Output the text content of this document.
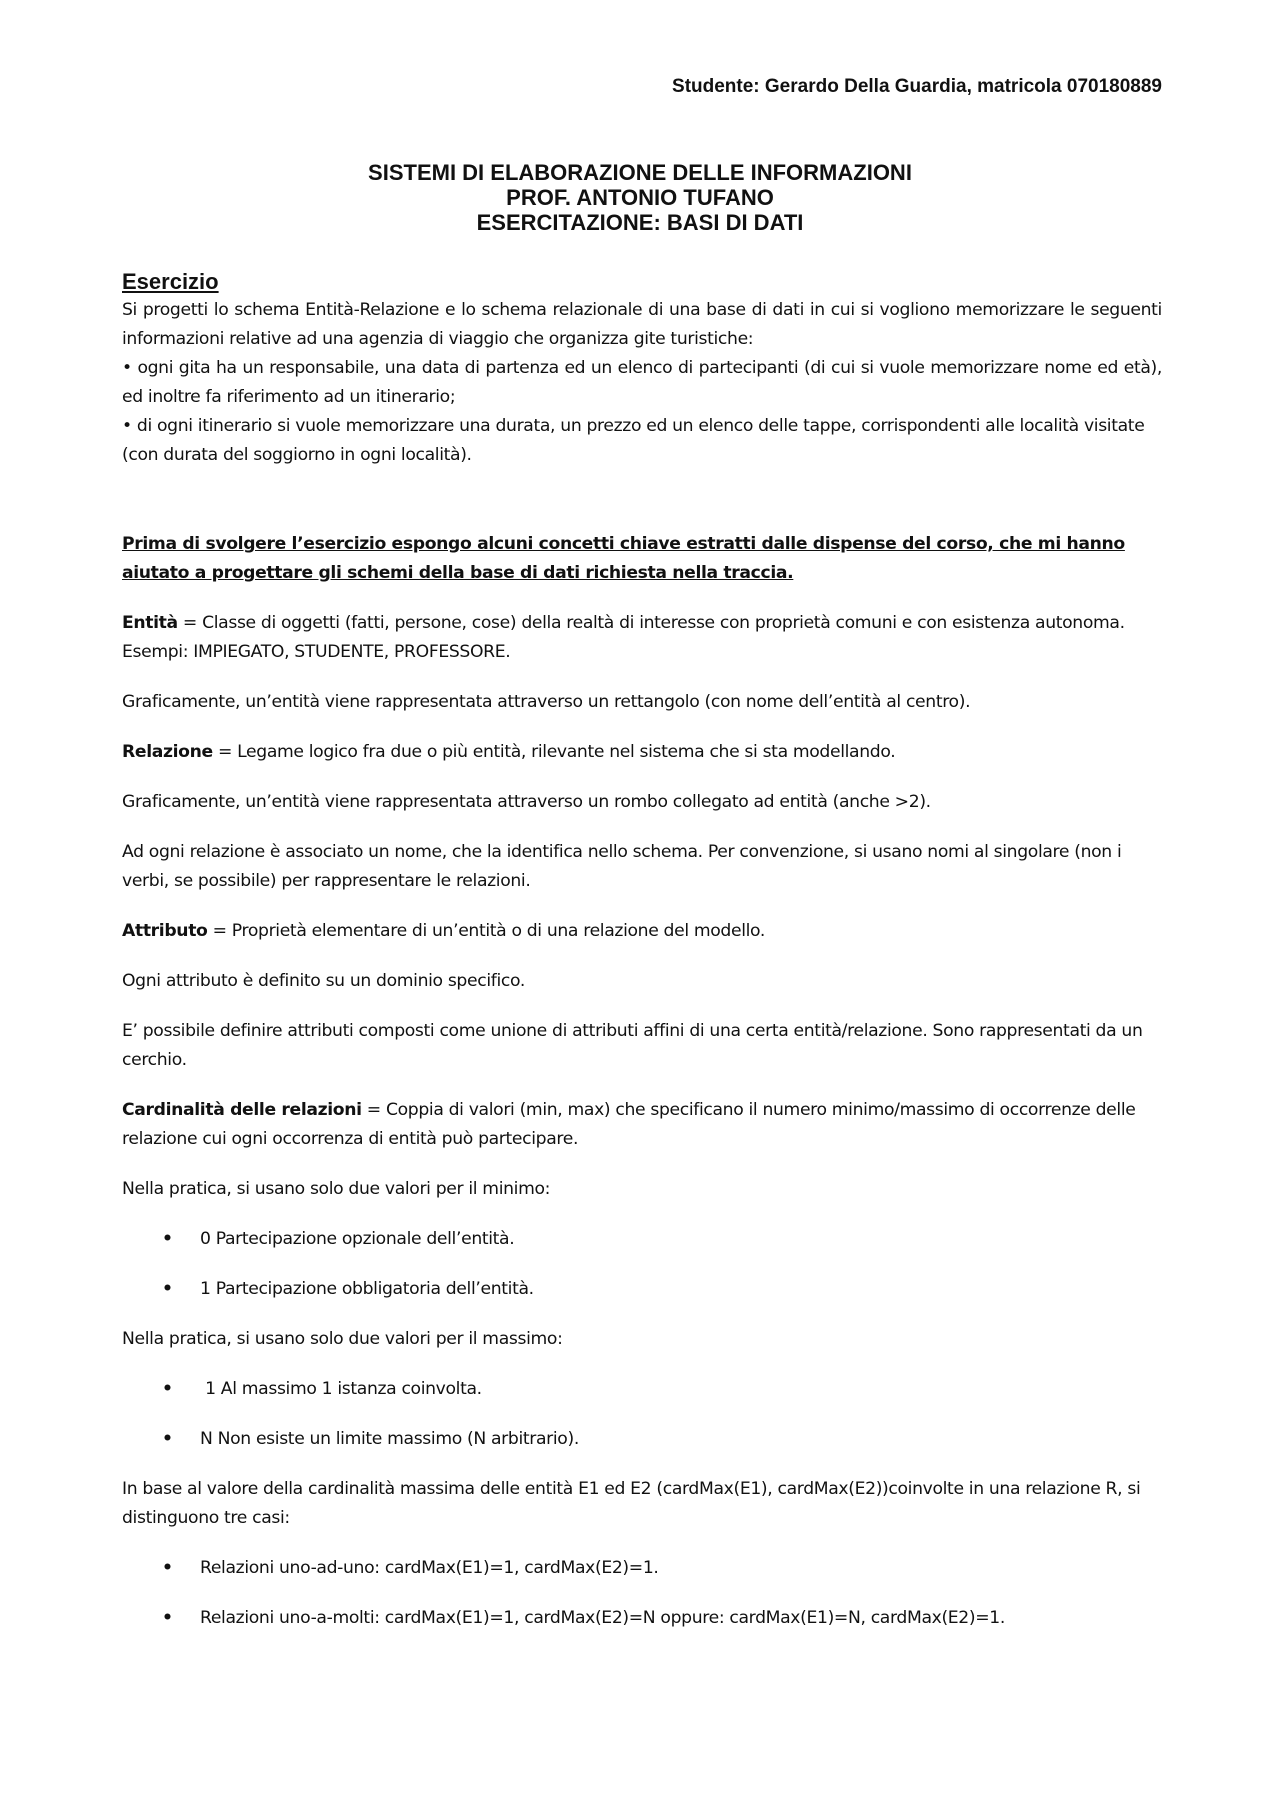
Studente: Gerardo Della Guardia, matricola 070180889
SISTEMI DI ELABORAZIONE DELLE INFORMAZIONI
PROF. ANTONIO TUFANO
ESERCITAZIONE: BASI DI DATI
Esercizio

Si progetti lo schema Entità-Relazione e lo schema relazionale di una base di dati in cui si vogliono memorizzare le seguenti informazioni relative ad una agenzia di viaggio che organizza gite turistiche:

• ogni gita ha un responsabile, una data di partenza ed un elenco di partecipanti (di cui si vuole memorizzare nome ed età), ed inoltre fa riferimento ad un itinerario;

• di ogni itinerario si vuole memorizzare una durata, un prezzo ed un elenco delle tappe, corrispondenti alle località visitate (con durata del soggiorno in ogni località).

Prima di svolgere l’esercizio espongo alcuni concetti chiave estratti dalle dispense del corso, che mi hanno aiutato a progettare gli schemi della base di dati richiesta nella traccia.

Entità = Classe di oggetti (fatti, persone, cose) della realtà di interesse con proprietà comuni e con esistenza autonoma. Esempi: IMPIEGATO, STUDENTE, PROFESSORE.

Graficamente, un’entità viene rappresentata attraverso un rettangolo (con nome dell’entità al centro).

Relazione = Legame logico fra due o più entità, rilevante nel sistema che si sta modellando.

Graficamente, un’entità viene rappresentata attraverso un rombo collegato ad entità (anche >2).

Ad ogni relazione è associato un nome, che la identifica nello schema. Per convenzione, si usano nomi al singolare (non i verbi, se possibile) per rappresentare le relazioni.

Attributo = Proprietà elementare di un’entità o di una relazione del modello.

Ogni attributo è definito su un dominio specifico.

E’ possibile definire attributi composti come unione di attributi affini di una certa entità/relazione. Sono rappresentati da un cerchio.

Cardinalità delle relazioni = Coppia di valori (min, max) che specificano il numero minimo/massimo di occorrenze delle relazione cui ogni occorrenza di entità può partecipare.

Nella pratica, si usano solo due valori per il minimo:

• 0 Partecipazione opzionale dell’entità.
• 1 Partecipazione obbligatoria dell’entità.

Nella pratica, si usano solo due valori per il massimo:

• 1 Al massimo 1 istanza coinvolta.
• N Non esiste un limite massimo (N arbitrario).

In base al valore della cardinalità massima delle entità E1 ed E2 (cardMax(E1), cardMax(E2))coinvolte in una relazione R, si distinguono tre casi:

• Relazioni uno-ad-uno: cardMax(E1)=1, cardMax(E2)=1.
• Relazioni uno-a-molti: cardMax(E1)=1, cardMax(E2)=N oppure: cardMax(E1)=N, cardMax(E2)=1.
